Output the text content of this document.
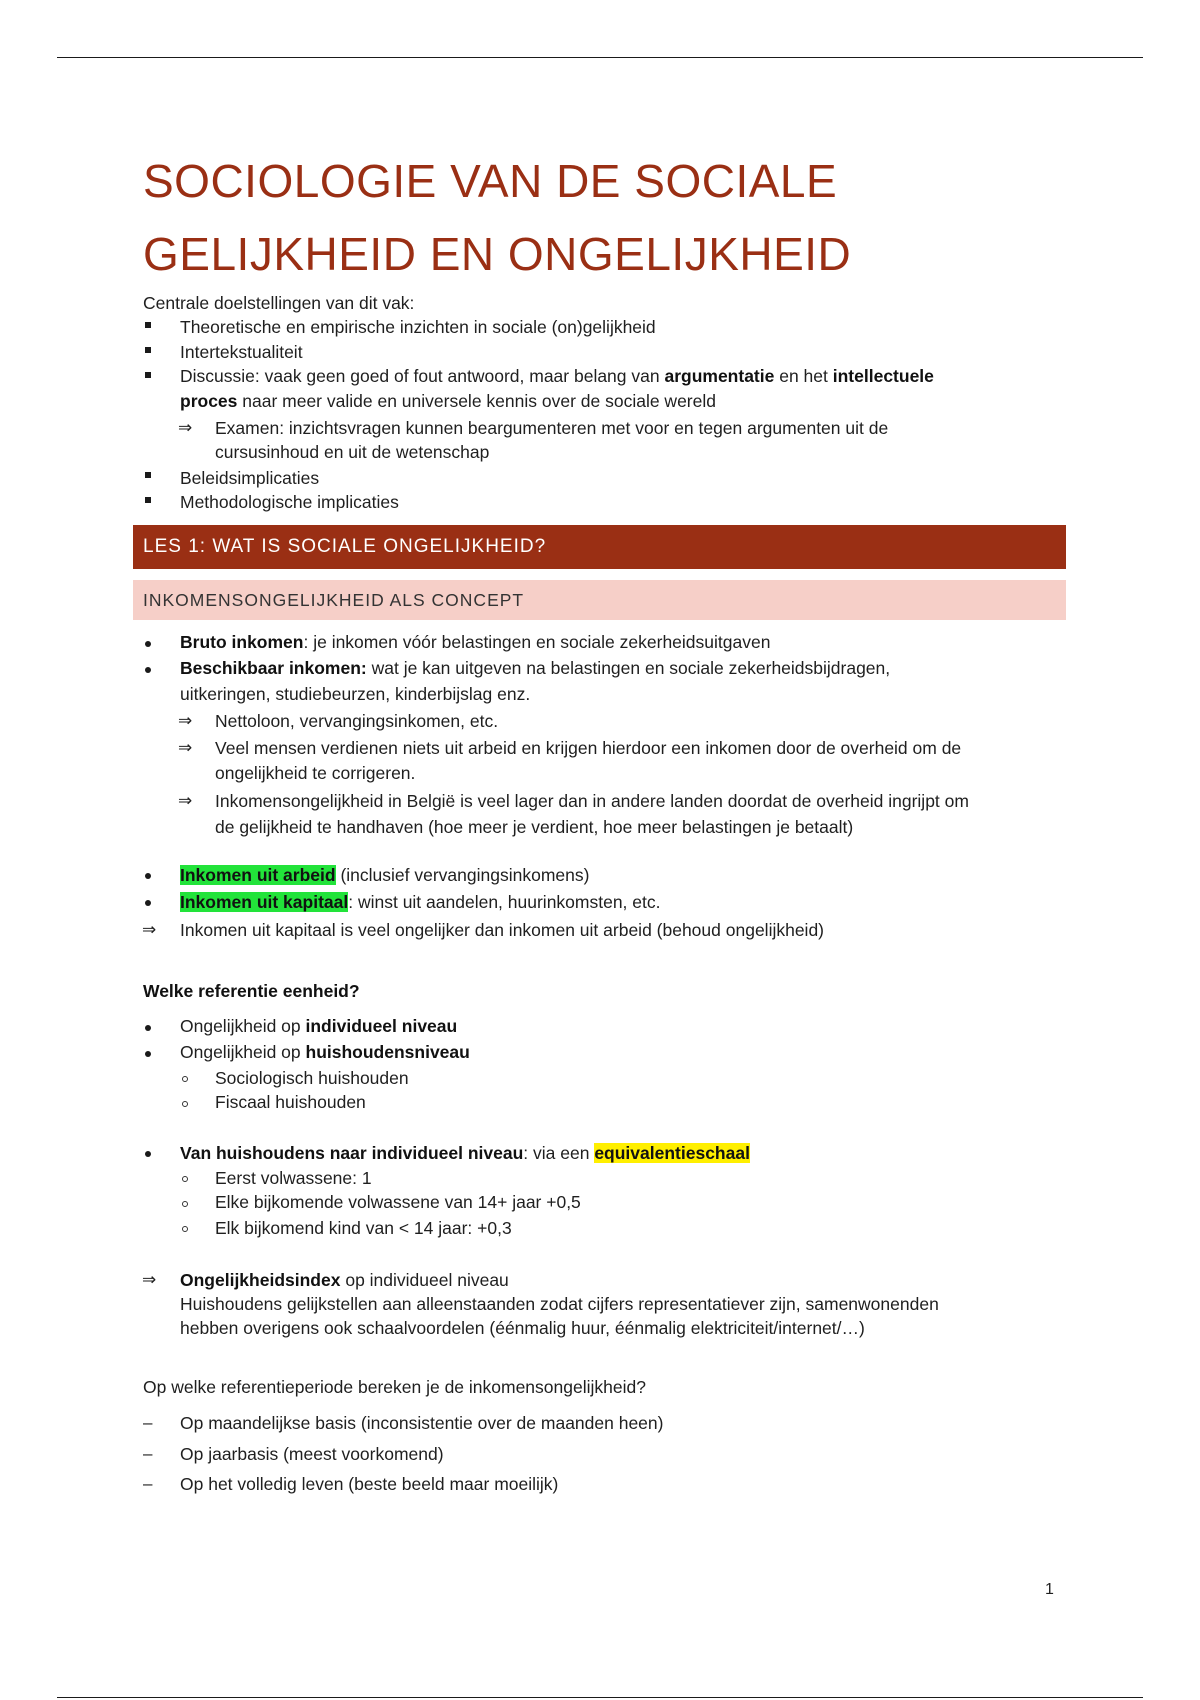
SOCIOLOGIE VAN DE SOCIALE
GELIJKHEID EN ONGELIJKHEID
Centrale doelstellingen van dit vak:
Theoretische en empirische inzichten in sociale (on)gelijkheid
Intertekstualiteit
Discussie: vaak geen goed of fout antwoord, maar belang van argumentatie en het intellectuele
proces naar meer valide en universele kennis over de sociale wereld
⇒ Examen: inzichtsvragen kunnen beargumenteren met voor en tegen argumenten uit de
cursusinhoud en uit de wetenschap
Beleidsimplicaties
Methodologische implicaties
LES 1: WAT IS SOCIALE ONGELIJKHEID?
INKOMENSONGELIJKHEID ALS CONCEPT
Bruto inkomen: je inkomen vóór belastingen en sociale zekerheidsuitgaven
Beschikbaar inkomen: wat je kan uitgeven na belastingen en sociale zekerheidsbijdragen,
uitkeringen, studiebeurzen, kinderbijslag enz.
⇒ Nettoloon, vervangingsinkomen, etc.
⇒ Veel mensen verdienen niets uit arbeid en krijgen hierdoor een inkomen door de overheid om de
ongelijkheid te corrigeren.
⇒ Inkomensongelijkheid in België is veel lager dan in andere landen doordat de overheid ingrijpt om
de gelijkheid te handhaven (hoe meer je verdient, hoe meer belastingen je betaalt)
Inkomen uit arbeid (inclusief vervangingsinkomens)
Inkomen uit kapitaal: winst uit aandelen, huurinkomsten, etc.
⇒ Inkomen uit kapitaal is veel ongelijker dan inkomen uit arbeid (behoud ongelijkheid)
Welke referentie eenheid?
Ongelijkheid op individueel niveau
Ongelijkheid op huishoudensniveau
Sociologisch huishouden
Fiscaal huishouden
Van huishoudens naar individueel niveau: via een equivalentieschaal
Eerst volwassene: 1
Elke bijkomende volwassene van 14+ jaar +0,5
Elk bijkomend kind van < 14 jaar: +0,3
⇒ Ongelijkheidsindex op individueel niveau
Huishoudens gelijkstellen aan alleenstaanden zodat cijfers representatiever zijn, samenwonenden
hebben overigens ook schaalvoordelen (éénmalig huur, éénmalig elektriciteit/internet/…)
Op welke referentieperiode bereken je de inkomensongelijkheid?
– Op maandelijkse basis (inconsistentie over de maanden heen)
– Op jaarbasis (meest voorkomend)
– Op het volledig leven (beste beeld maar moeilijk)
1
